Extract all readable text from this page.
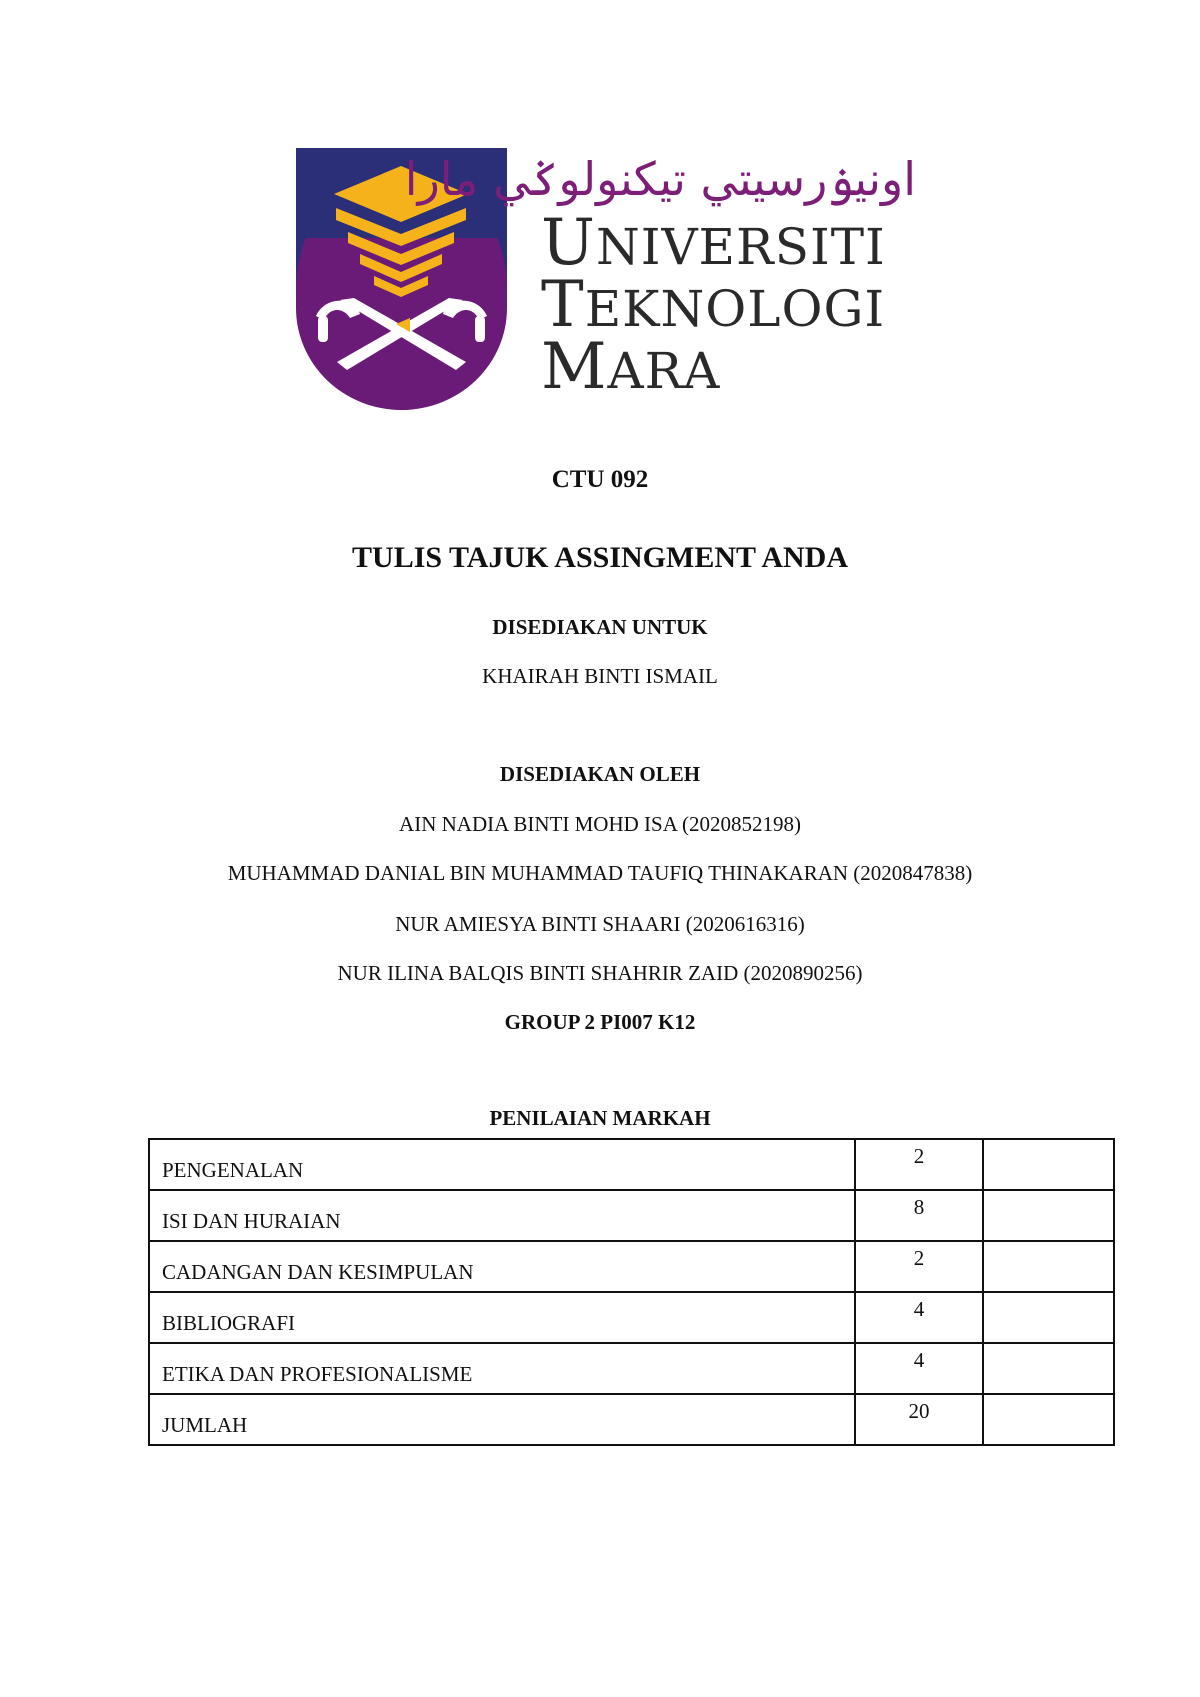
اونيۏرسيتي تيکنولوݢي مارا
UNIVERSITI
TEKNOLOGI
MARA
CTU 092
TULIS TAJUK ASSINGMENT ANDA
DISEDIAKAN UNTUK
KHAIRAH BINTI ISMAIL
DISEDIAKAN OLEH
AIN NADIA BINTI MOHD ISA (2020852198)
MUHAMMAD DANIAL BIN MUHAMMAD TAUFIQ THINAKARAN (2020847838)
NUR AMIESYA BINTI SHAARI (2020616316)
NUR ILINA BALQIS BINTI SHAHRIR ZAID (2020890256)
GROUP 2 PI007 K12
PENILAIAN MARKAH
PENGENALAN	2	
ISI DAN HURAIAN	8	
CADANGAN DAN KESIMPULAN	2	
BIBLIOGRAFI	4	
ETIKA DAN PROFESIONALISME	4	
JUMLAH	20	
